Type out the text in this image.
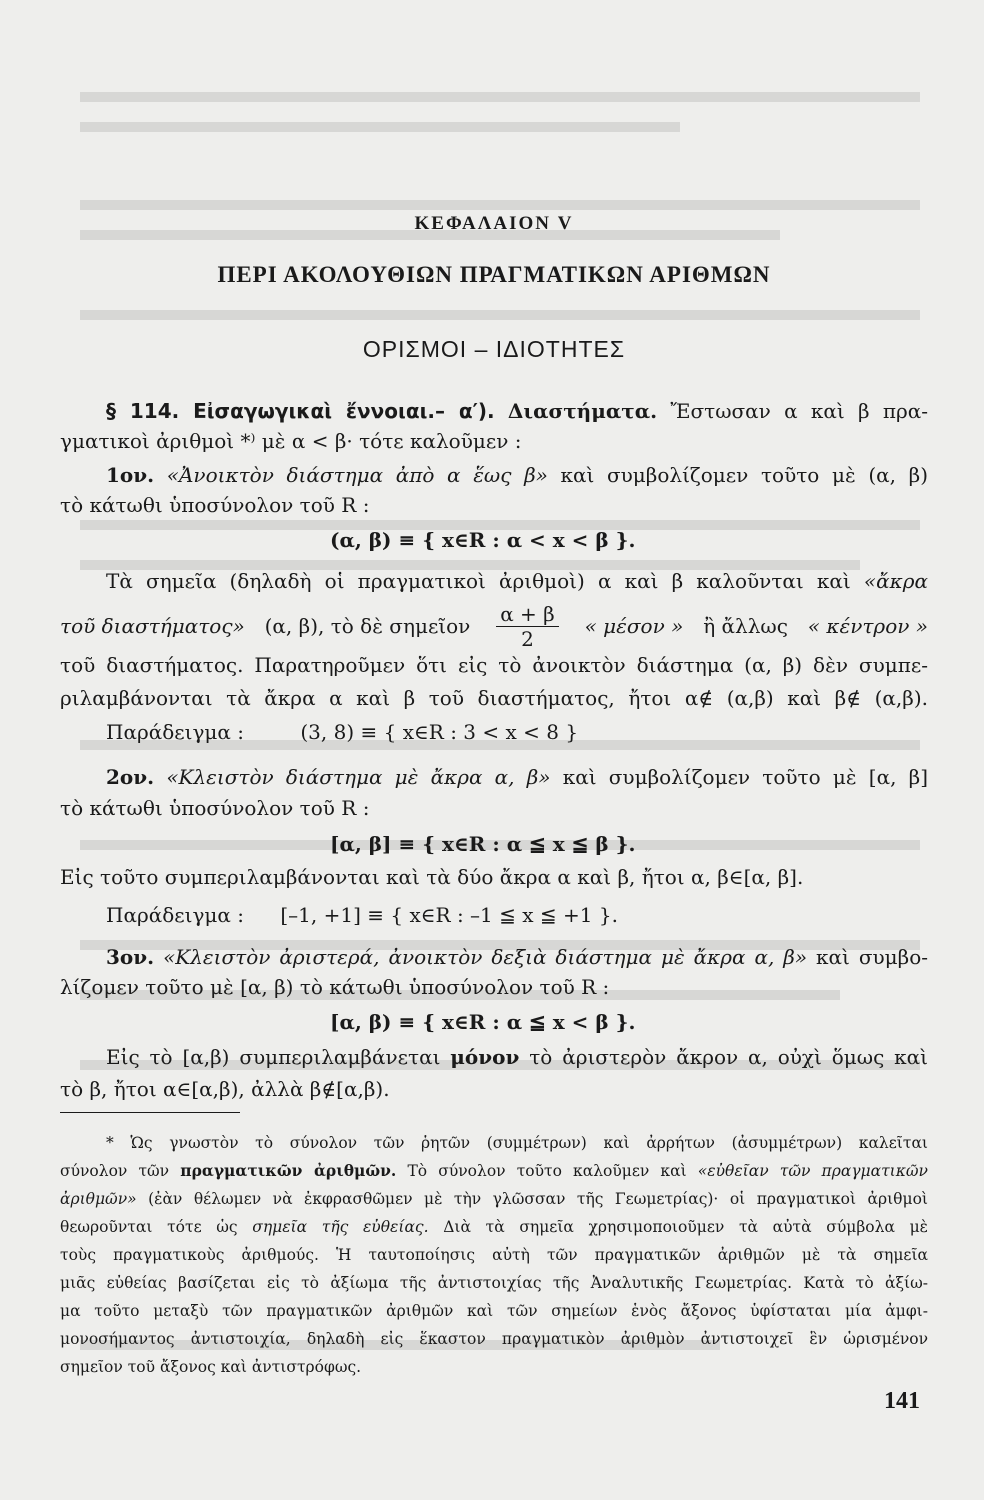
ΚΕΦΑΛΑΙΟΝ V
ΠΕΡΙ ΑΚΟΛΟΥΘΙΩΝ ΠΡΑΓΜΑΤΙΚΩΝ ΑΡΙΘΜΩΝ
ΟΡΙΣΜΟΙ – ΙΔΙΟΤΗΤΕΣ
§ 114. Εἰσαγωγικαὶ ἔννοιαι.– α′). Διαστήματα. Ἔστωσαν α καὶ β πρα-
γματικοὶ ἀριθμοὶ *⁾ μὲ α < β· τότε καλοῦμεν :
1ον. «Ἀνοικτὸν διάστημα ἀπὸ α ἕως β» καὶ συμβολίζομεν τοῦτο μὲ (α, β)
τὸ κάτωθι ὑποσύνολον τοῦ R :
(α, β) ≡ { x∈R : α < x < β }.
Τὰ σημεῖα (δηλαδὴ οἱ πραγματικοὶ ἀριθμοὶ) α καὶ β καλοῦνται καὶ «ἄκρα
τοῦ διαστήματος» (α, β), τὸ δὲ σημεῖον $\frac{\alpha + \beta}{2}$ « μέσον » ἢ ἄλλως « κέντρον »
τοῦ διαστήματος. Παρατηροῦμεν ὅτι εἰς τὸ ἀνοικτὸν διάστημα (α, β) δὲν συμπε-
ριλαμβάνονται τὰ ἄκρα α καὶ β τοῦ διαστήματος, ἤτοι α∉ (α,β) καὶ β∉ (α,β).
Παράδειγμα :	(3, 8) ≡ { x∈R : 3 < x < 8 }
2ον. «Κλειστὸν διάστημα μὲ ἄκρα α, β» καὶ συμβολίζομεν τοῦτο μὲ [α, β]
τὸ κάτωθι ὑποσύνολον τοῦ R :
[α, β] ≡ { x∈R : α ≦ x ≦ β }.
Εἰς τοῦτο συμπεριλαμβάνονται καὶ τὰ δύο ἄκρα α καὶ β, ἤτοι α, β∈[α, β].
Παράδειγμα : [–1, +1] ≡ { x∈R : –1 ≦ x ≦ +1 }.
3ον. «Κλειστὸν ἀριστερά, ἀνοικτὸν δεξιὰ διάστημα μὲ ἄκρα α, β» καὶ συμβο-
λίζομεν τοῦτο μὲ [α, β) τὸ κάτωθι ὑποσύνολον τοῦ R :
[α, β) ≡ { x∈R : α ≦ x < β }.
Εἰς τὸ [α,β) συμπεριλαμβάνεται μόνον τὸ ἀριστερὸν ἄκρον α, οὐχὶ ὅμως καὶ
τὸ β, ἤτοι α∈[α,β), ἀλλὰ β∉[α,β).
* Ὡς γνωστὸν τὸ σύνολον τῶν ῥητῶν (συμμέτρων) καὶ ἀρρήτων (ἀσυμμέτρων) καλεῖται
σύνολον τῶν πραγματικῶν ἀριθμῶν. Τὸ σύνολον τοῦτο καλοῦμεν καὶ «εὐθεῖαν τῶν πραγματικῶν
ἀριθμῶν» (ἐὰν θέλωμεν νὰ ἐκφρασθῶμεν μὲ τὴν γλῶσσαν τῆς Γεωμετρίας)· οἱ πραγματικοὶ ἀριθμοὶ
θεωροῦνται τότε ὡς σημεῖα τῆς εὐθείας. Διὰ τὰ σημεῖα χρησιμοποιοῦμεν τὰ αὐτὰ σύμβολα μὲ
τοὺς πραγματικοὺς ἀριθμούς. Ἡ ταυτοποίησις αὐτὴ τῶν πραγματικῶν ἀριθμῶν μὲ τὰ σημεῖα
μιᾶς εὐθείας βασίζεται εἰς τὸ ἀξίωμα τῆς ἀντιστοιχίας τῆς Ἀναλυτικῆς Γεωμετρίας. Κατὰ τὸ ἀξίω-
μα τοῦτο μεταξὺ τῶν πραγματικῶν ἀριθμῶν καὶ τῶν σημείων ἑνὸς ἄξονος ὑφίσταται μία ἀμφι-
μονοσήμαντος ἀντιστοιχία, δηλαδὴ εἰς ἕκαστον πραγματικὸν ἀριθμὸν ἀντιστοιχεῖ ἓν ὡρισμένον
σημεῖον τοῦ ἄξονος καὶ ἀντιστρόφως.
141
